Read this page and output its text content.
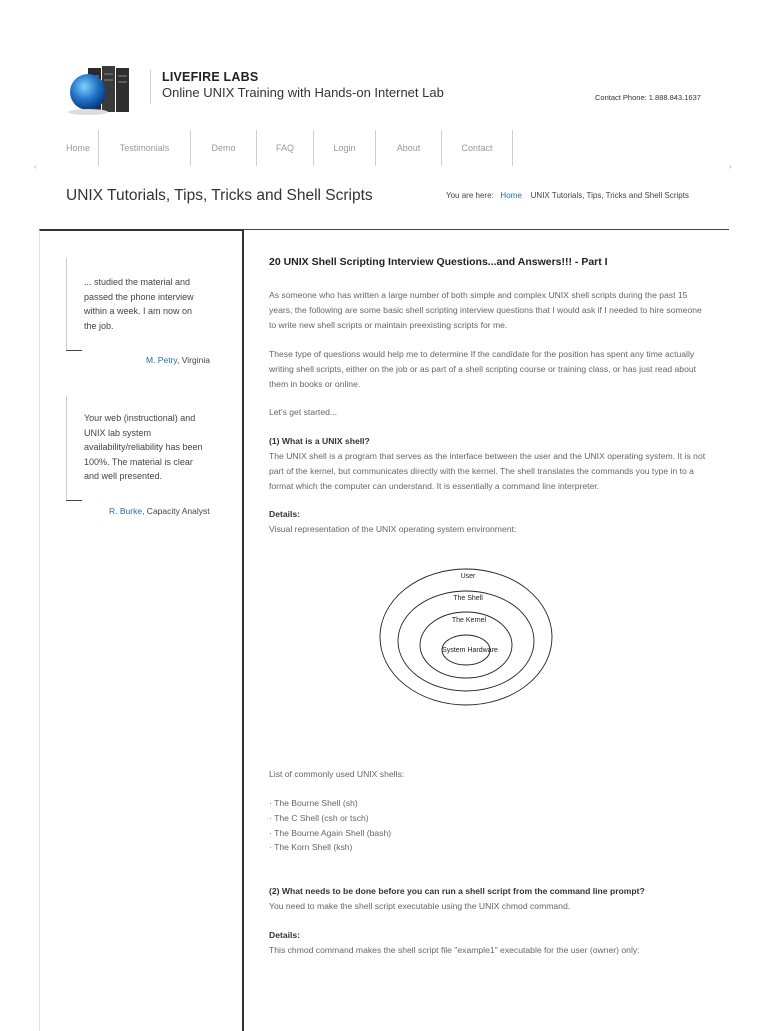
LIVEFIRE LABS
Online UNIX Training with Hands-on Internet Lab	Contact Phone: 1.888.843.1637
Home	Testimonials	Demo	FAQ	Login	About	Contact
‹	›
UNIX Tutorials, Tips, Tricks and Shell Scripts	You are here: Home UNIX Tutorials, Tips, Tricks and Shell Scripts
... studied the material and passed the phone interview within a week. I am now on the job.
M. Petry, Virginia
Your web (instructional) and UNIX lab system availability/reliability has been 100%. The material is clear and well presented.
R. Burke, Capacity Analyst
20 UNIX Shell Scripting Interview Questions...and Answers!!! - Part I
As someone who has written a large number of both simple and complex UNIX shell scripts during the past 15 years, the following are some basic shell scripting interview questions that I would ask if I needed to hire someone to write new shell scripts or maintain preexisting scripts for me.
These type of questions would help me to determine If the candidate for the position has spent any time actually writing shell scripts, either on the job or as part of a shell scripting course or training class, or has just read about them in books or online.
Let's get started...
(1) What is a UNIX shell?
The UNIX shell is a program that serves as the interface between the user and the UNIX operating system. It is not part of the kernel, but communicates directly with the kernel. The shell translates the commands you type in to a format which the computer can understand. It is essentially a command line interpreter.
Details:
Visual representation of the UNIX operating system environment:
User
The Shell
The Kernel
System Hardware
List of commonly used UNIX shells:
· The Bourne Shell (sh)
· The C Shell (csh or tsch)
· The Bourne Again Shell (bash)
· The Korn Shell (ksh)
(2) What needs to be done before you can run a shell script from the command line prompt?
You need to make the shell script executable using the UNIX chmod command.
Details:
This chmod command makes the shell script file "example1" executable for the user (owner) only:
